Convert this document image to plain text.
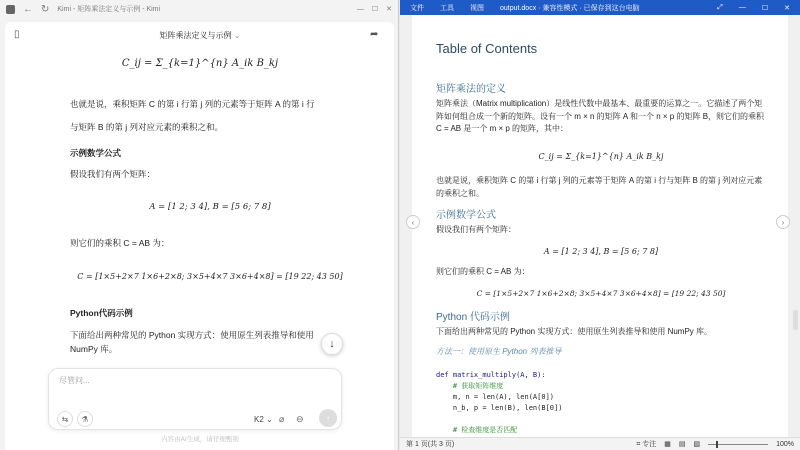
← ↻ Kimi - 矩阵乘法定义与示例 - Kimi	— ☐ ✕
▯	矩阵乘法定义与示例 ⌄	➦
C_ij = Σ_{k=1}^{n} A_ik B_kj
也就是说，乘积矩阵 C 的第 i 行第 j 列的元素等于矩阵 A 的第 i 行
与矩阵 B 的第 j 列对应元素的乘积之和。
示例数学公式
假设我们有两个矩阵：
A = [1 2; 3 4], B = [5 6; 7 8]
则它们的乘积 C = AB 为：
C = [1×5+2×7 1×6+2×8; 3×5+4×7 3×6+4×8] = [19 22; 43 50]
Python代码示例
下面给出两种常见的 Python 实现方式：使用原生列表推导和使用 NumPy 库。	↓
尽管问...
⇆	⚗	K2 ⌄ ⌀ ⊖	↑
内容由AI生成，请仔细甄别
文件 工具 视图 output.docx · 兼容性模式 · 已保存到这台电脑	⤢ — ☐ ✕
Table of Contents
矩阵乘法的定义
矩阵乘法（Matrix multiplication）是线性代数中最基本、最重要的运算之一。它描述了两个矩阵如何组合成一个新的矩阵。设有一个 m × n 的矩阵 A 和一个 n × p 的矩阵 B，则它们的乘积 C = AB 是一个 m × p 的矩阵，其中：
C_ij = Σ_{k=1}^{n} A_ik B_kj
也就是说，乘积矩阵 C 的第 i 行第 j 列的元素等于矩阵 A 的第 i 行与矩阵 B 的第 j 列对应元素的乘积之和。
示例数学公式
假设我们有两个矩阵：
A = [1 2; 3 4], B = [5 6; 7 8]
则它们的乘积 C = AB 为：
C = [1×5+2×7 1×6+2×8; 3×5+4×7 3×6+4×8] = [19 22; 43 50]
Python 代码示例
下面给出两种常见的 Python 实现方式：使用原生列表推导和使用 NumPy 库。
方法一：使用原生 Python 列表推导

def matrix_multiply(A, B):
# 获取矩阵维度
m, n = len(A), len(A[0])
n_b, p = len(B), len(B[0])
# 检查维度是否匹配
‹	›
第 1 页(共 3 页)	⌗ 专注 ▦ ▤ ▧	100%
